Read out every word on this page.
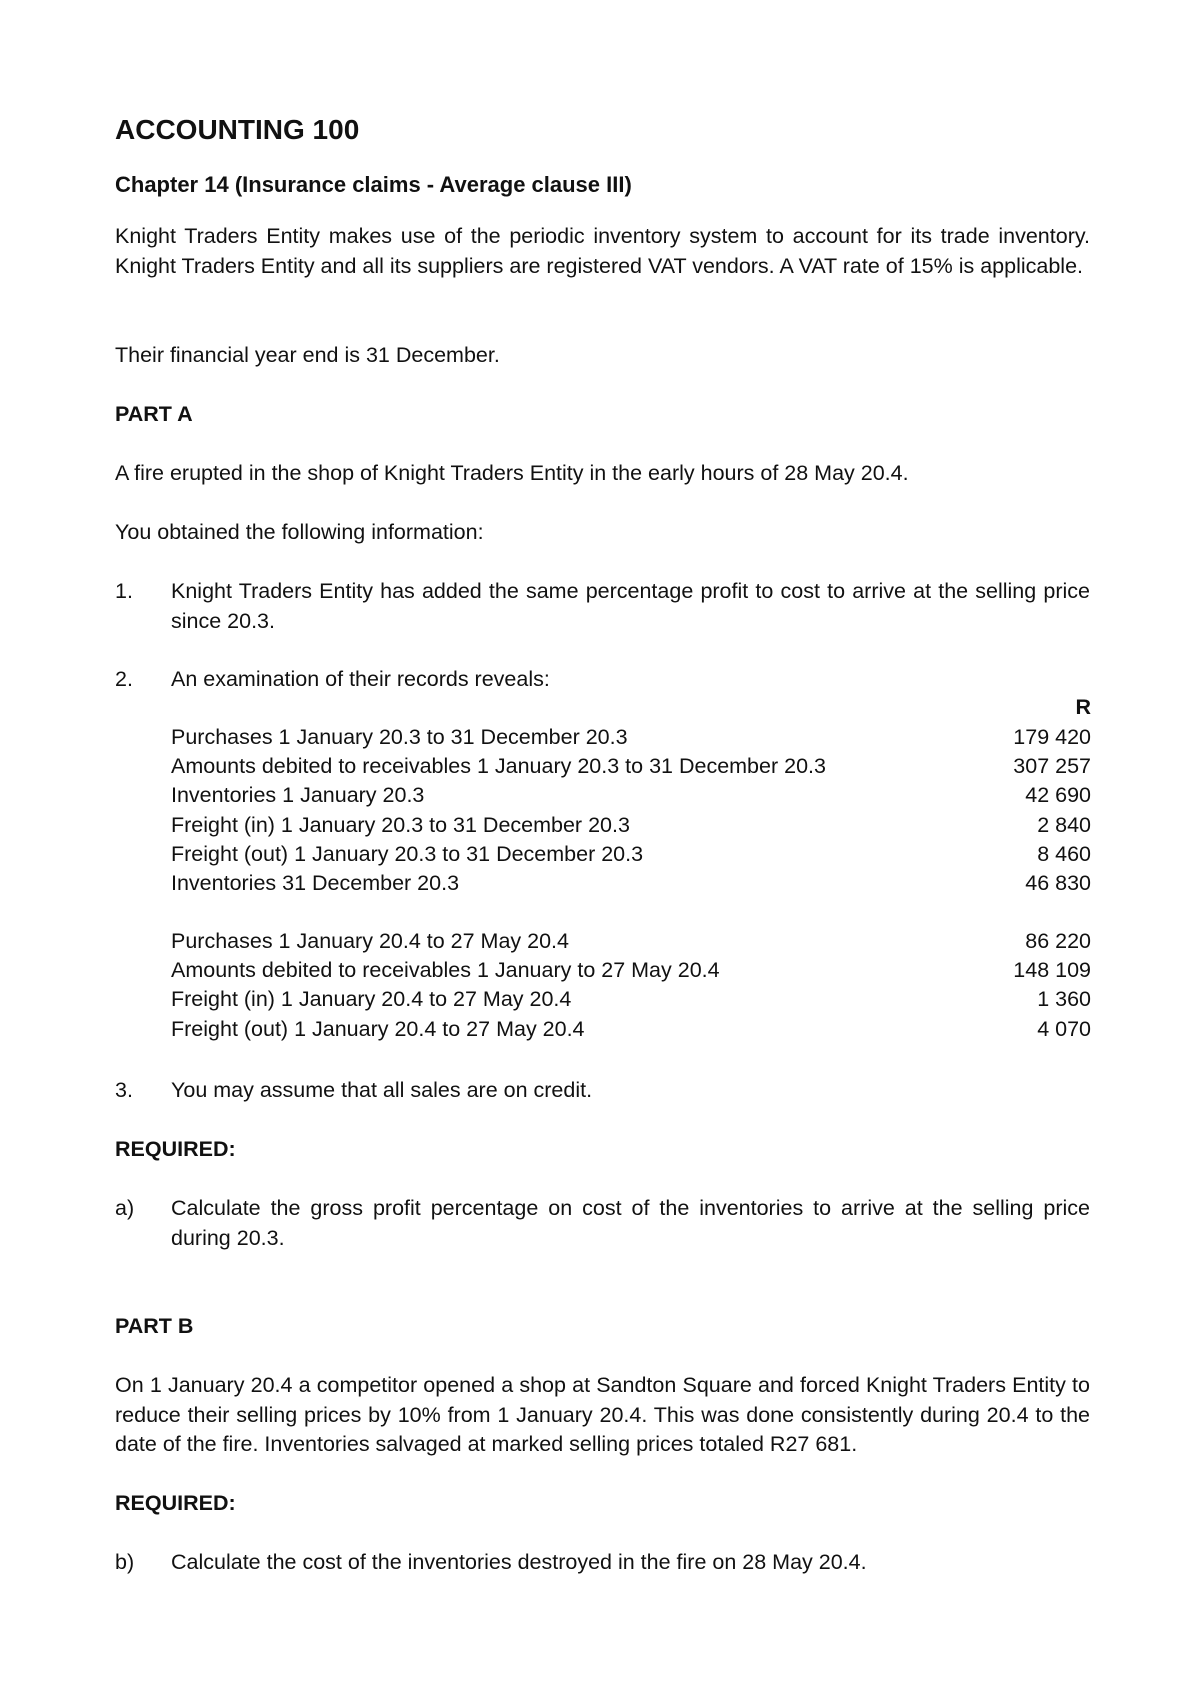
ACCOUNTING 100
Chapter 14 (Insurance claims - Average clause III)
Knight Traders Entity makes use of the periodic inventory system to account for its trade inventory. Knight Traders Entity and all its suppliers are registered VAT vendors. A VAT rate of 15% is applicable.
Their financial year end is 31 December.
PART A
A fire erupted in the shop of Knight Traders Entity in the early hours of 28 May 20.4.
You obtained the following information:
1. Knight Traders Entity has added the same percentage profit to cost to arrive at the selling price since 20.3.
2. An examination of their records reveals:
R
Purchases 1 January 20.3 to 31 December 20.3	179 420
Amounts debited to receivables 1 January 20.3 to 31 December 20.3	307 257
Inventories 1 January 20.3	42 690
Freight (in) 1 January 20.3 to 31 December 20.3	2 840
Freight (out) 1 January 20.3 to 31 December 20.3	8 460
Inventories 31 December 20.3	46 830
Purchases 1 January 20.4 to 27 May 20.4	86 220
Amounts debited to receivables 1 January to 27 May 20.4	148 109
Freight (in) 1 January 20.4 to 27 May 20.4	1 360
Freight (out) 1 January 20.4 to 27 May 20.4	4 070
3. You may assume that all sales are on credit.
REQUIRED:
a) Calculate the gross profit percentage on cost of the inventories to arrive at the selling price during 20.3.
PART B
On 1 January 20.4 a competitor opened a shop at Sandton Square and forced Knight Traders Entity to reduce their selling prices by 10% from 1 January 20.4. This was done consistently during 20.4 to the date of the fire. Inventories salvaged at marked selling prices totaled R27 681.
REQUIRED:
b) Calculate the cost of the inventories destroyed in the fire on 28 May 20.4.
